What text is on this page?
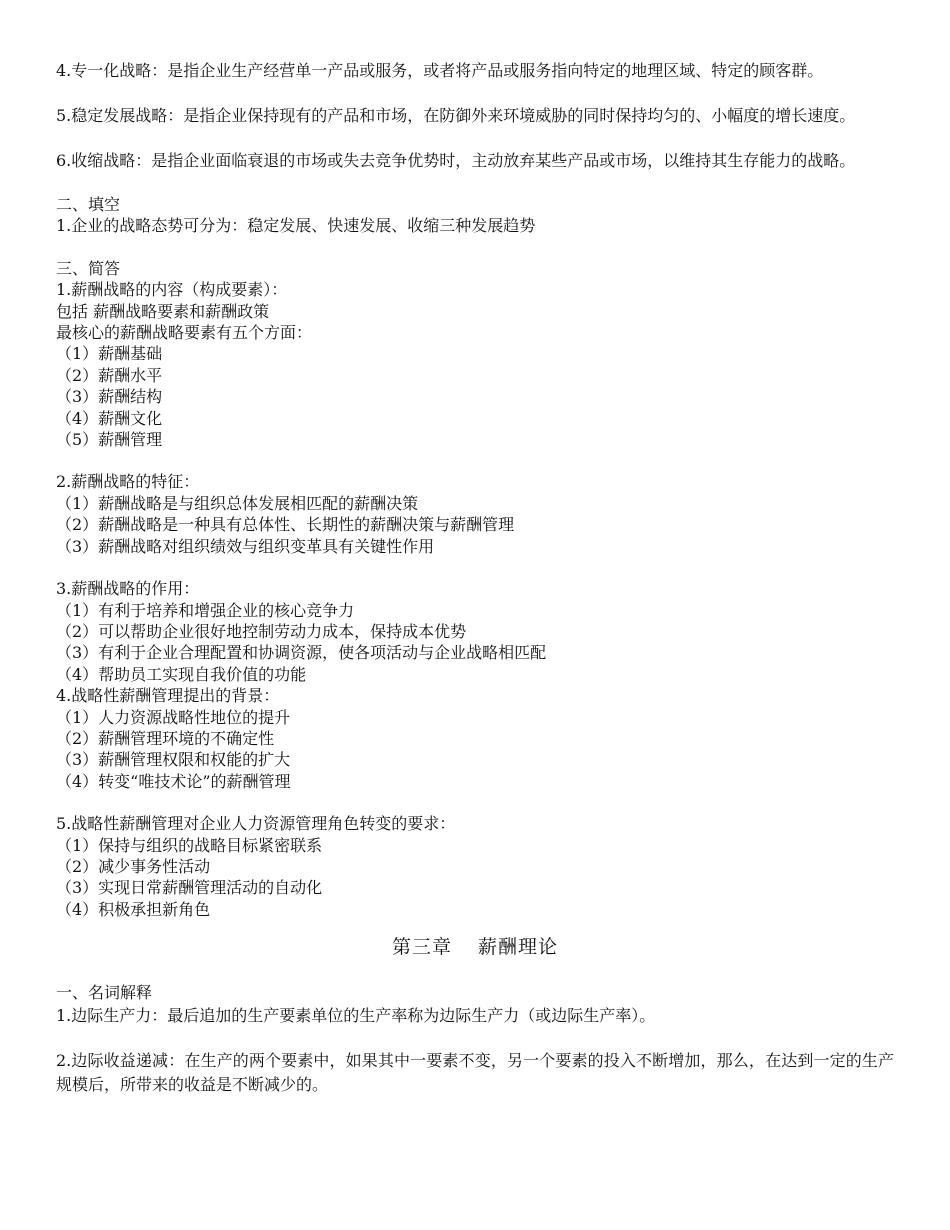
4.专一化战略：是指企业生产经营单一产品或服务，或者将产品或服务指向特定的地理区域、特定的顾客群。
5.稳定发展战略：是指企业保持现有的产品和市场，在防御外来环境威胁的同时保持均匀的、小幅度的增长速度。
6.收缩战略：是指企业面临衰退的市场或失去竞争优势时，主动放弃某些产品或市场，以维持其生存能力的战略。
二、填空
1.企业的战略态势可分为：稳定发展、快速发展、收缩三种发展趋势
三、简答
1.薪酬战略的内容（构成要素）：
包括 薪酬战略要素和薪酬政策
最核心的薪酬战略要素有五个方面：
（1）薪酬基础
（2）薪酬水平
（3）薪酬结构
（4）薪酬文化
（5）薪酬管理
2.薪酬战略的特征：
（1）薪酬战略是与组织总体发展相匹配的薪酬决策
（2）薪酬战略是一种具有总体性、长期性的薪酬决策与薪酬管理
（3）薪酬战略对组织绩效与组织变革具有关键性作用
3.薪酬战略的作用：
（1）有利于培养和增强企业的核心竞争力
（2）可以帮助企业很好地控制劳动力成本，保持成本优势
（3）有利于企业合理配置和协调资源，使各项活动与企业战略相匹配
（4）帮助员工实现自我价值的功能
4.战略性薪酬管理提出的背景：
（1）人力资源战略性地位的提升
（2）薪酬管理环境的不确定性
（3）薪酬管理权限和权能的扩大
（4）转变“唯技术论”的薪酬管理
5.战略性薪酬管理对企业人力资源管理角色转变的要求：
（1）保持与组织的战略目标紧密联系
（2）减少事务性活动
（3）实现日常薪酬管理活动的自动化
（4）积极承担新角色
第三章 薪酬理论
一、名词解释
1.边际生产力：最后追加的生产要素单位的生产率称为边际生产力（或边际生产率）。
2.边际收益递减：在生产的两个要素中，如果其中一要素不变，另一个要素的投入不断增加，那么，在达到一定的生产规模后，所带来的收益是不断减少的。
